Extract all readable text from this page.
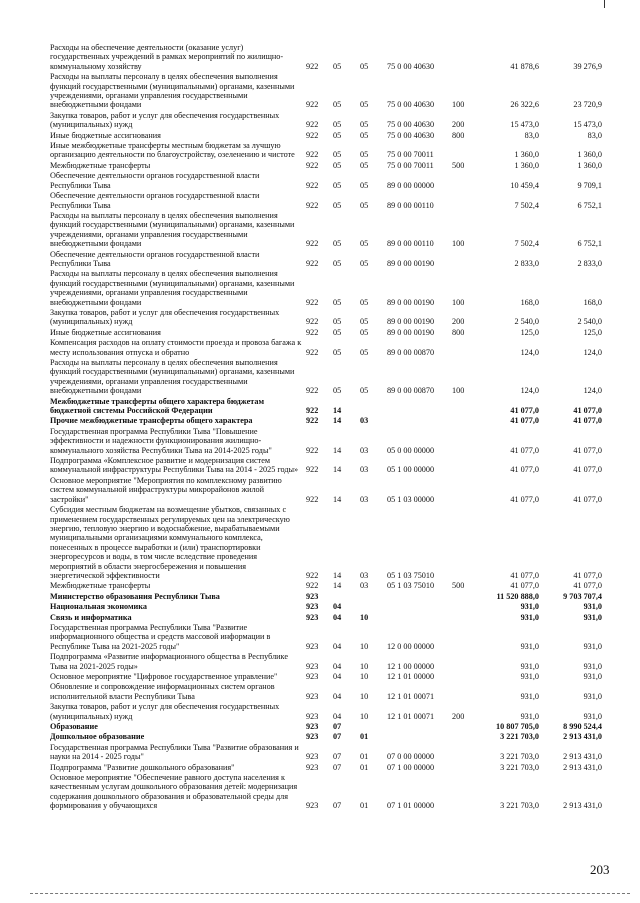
Расходы на обеспечение деятельности (оказание услуг) государственных учреждений в рамках мероприятий по жилищно-коммунальному хозяйству	922	05	05	75 0 00 40630		41 878,6	39 276,9
Расходы на выплаты персоналу в целях обеспечения выполнения функций государственными (муниципальными) органами, казенными учреждениями, органами управления государственными внебюджетными фондами	922	05	05	75 0 00 40630	100	26 322,6	23 720,9
Закупка товаров, работ и услуг для обеспечения государственных (муниципальных) нужд	922	05	05	75 0 00 40630	200	15 473,0	15 473,0
Иные бюджетные ассигнования	922	05	05	75 0 00 40630	800	83,0	83,0
Иные межбюджетные трансферты местным бюджетам за лучшую организацию деятельности по благоустройству, озеленению и чистоте	922	05	05	75 0 00 70011		1 360,0	1 360,0
Межбюджетные трансферты	922	05	05	75 0 00 70011	500	1 360,0	1 360,0
Обеспечение деятельности органов государственной власти Республики Тыва	922	05	05	89 0 00 00000		10 459,4	9 709,1
Обеспечение деятельности органов государственной власти Республики Тыва	922	05	05	89 0 00 00110		7 502,4	6 752,1
Расходы на выплаты персоналу в целях обеспечения выполнения функций государственными (муниципальными) органами, казенными учреждениями, органами управления государственными внебюджетными фондами	922	05	05	89 0 00 00110	100	7 502,4	6 752,1
Обеспечение деятельности органов государственной власти Республики Тыва	922	05	05	89 0 00 00190		2 833,0	2 833,0
Расходы на выплаты персоналу в целях обеспечения выполнения функций государственными (муниципальными) органами, казенными учреждениями, органами управления государственными внебюджетными фондами	922	05	05	89 0 00 00190	100	168,0	168,0
Закупка товаров, работ и услуг для обеспечения государственных (муниципальных) нужд	922	05	05	89 0 00 00190	200	2 540,0	2 540,0
Иные бюджетные ассигнования	922	05	05	89 0 00 00190	800	125,0	125,0
Компенсация расходов на оплату стоимости проезда и провоза багажа к месту использования отпуска и обратно	922	05	05	89 0 00 00870		124,0	124,0
Расходы на выплаты персоналу в целях обеспечения выполнения функций государственными (муниципальными) органами, казенными учреждениями, органами управления государственными внебюджетными фондами	922	05	05	89 0 00 00870	100	124,0	124,0
Межбюджетные трансферты общего характера бюджетам бюджетной системы Российской Федерации	922	14				41 077,0	41 077,0
Прочие межбюджетные трансферты общего характера	922	14	03			41 077,0	41 077,0
Государственная программа Республики Тыва "Повышение эффективности и надежности функционирования жилищно-коммунального хозяйства Республики Тыва на 2014-2025 годы"	922	14	03	05 0 00 00000		41 077,0	41 077,0
Подпрограмма «Комплексное развитие и модернизация систем коммунальной инфраструктуры Республики Тыва на 2014 - 2025 годы»	922	14	03	05 1 00 00000		41 077,0	41 077,0
Основное мероприятие "Мероприятия по комплексному развитию систем коммунальной инфраструктуры микрорайонов жилой застройки"	922	14	03	05 1 03 00000		41 077,0	41 077,0
Субсидия местным бюджетам на возмещение убытков, связанных с применением государственных регулируемых цен на электрическую энергию, тепловую энергию и водоснабжение, вырабатываемыми муниципальными организациями коммунального комплекса, понесенных в процессе выработки и (или) транспортировки энергоресурсов и воды, в том числе вследствие проведения мероприятий в области энергосбережения и повышения энергетической эффективности	922	14	03	05 1 03 75010		41 077,0	41 077,0
Межбюджетные трансферты	922	14	03	05 1 03 75010	500	41 077,0	41 077,0
Министерство образования Республики Тыва	923					11 520 888,0	9 703 707,4
Национальная экономика	923	04				931,0	931,0
Связь и информатика	923	04	10			931,0	931,0
Государственная программа Республики Тыва "Развитие информационного общества и средств массовой информации в Республике Тыва на 2021-2025 годы"	923	04	10	12 0 00 00000		931,0	931,0
Подпрограмма «Развитие информационного общества в Республике Тыва на 2021-2025 годы»	923	04	10	12 1 00 00000		931,0	931,0
Основное мероприятие "Цифровое государственное управление"	923	04	10	12 1 01 00000		931,0	931,0
Обновление и сопровождение информационных систем органов исполнительной власти Республики Тыва	923	04	10	12 1 01 00071		931,0	931,0
Закупка товаров, работ и услуг для обеспечения государственных (муниципальных) нужд	923	04	10	12 1 01 00071	200	931,0	931,0
Образование	923	07				10 807 705,0	8 990 524,4
Дошкольное образование	923	07	01			3 221 703,0	2 913 431,0
Государственная программа Республики Тыва "Развитие образования и науки на 2014 - 2025 годы"	923	07	01	07 0 00 00000		3 221 703,0	2 913 431,0
Подпрограмма "Развитие дошкольного образования"	923	07	01	07 1 00 00000		3 221 703,0	2 913 431,0
Основное мероприятие "Обеспечение равного доступа населения к качественным услугам дошкольного образования детей: модернизация содержания дошкольного образования и образовательной среды для формирования у обучающихся	923	07	01	07 1 01 00000		3 221 703,0	2 913 431,0
203
